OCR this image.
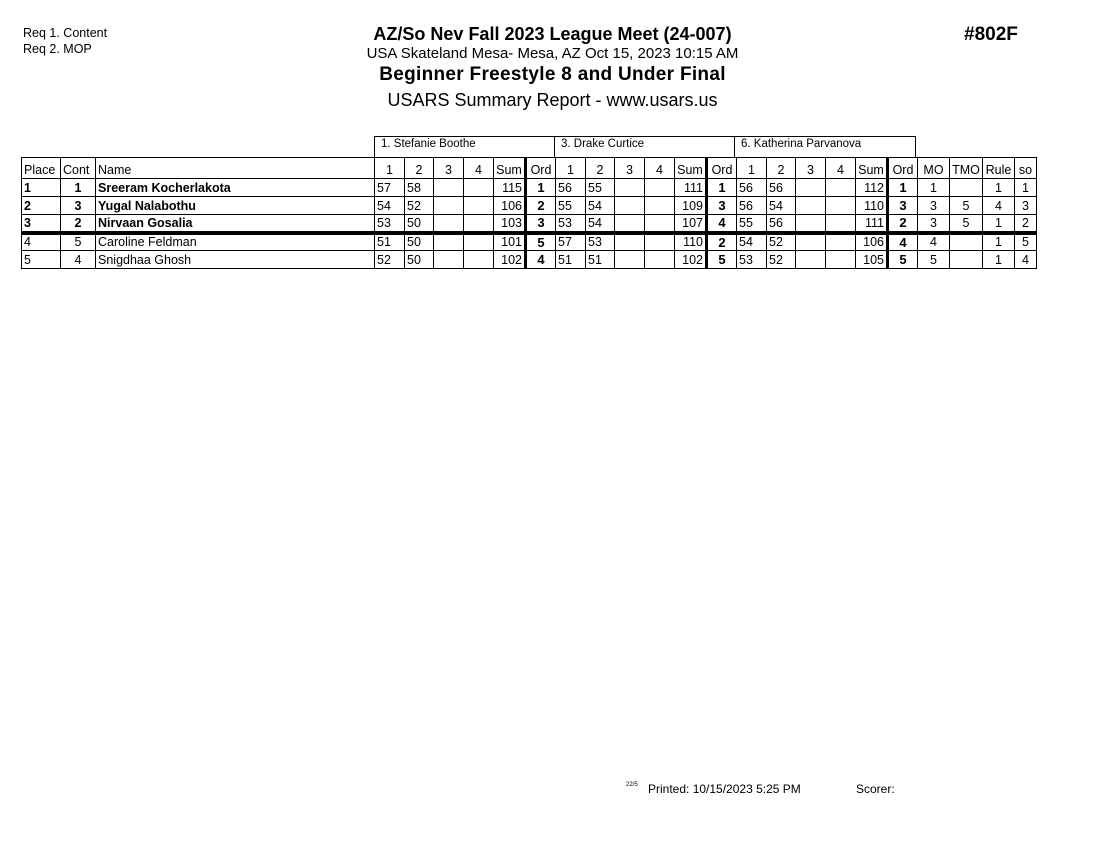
Req 1. Content
Req 2. MOP
AZ/So Nev Fall 2023 League Meet (24-007)
USA Skateland Mesa- Mesa, AZ Oct 15, 2023 10:15 AM
Beginner Freestyle 8 and Under Final
USARS Summary Report - www.usars.us
#802F
1. Stefanie Boothe	3. Drake Curtice	6. Katherina Parvanova
Place	Cont	Name	1	2	3	4	Sum	Ord	1	2	3	4	Sum	Ord	1	2	3	4	Sum	Ord	MO	TMO	Rule	so
1	1	Sreeram Kocherlakota	57	58			115	1	56	55			111	1	56	56			112	1	1		1	1
2	3	Yugal Nalabothu	54	52			106	2	55	54			109	3	56	54			110	3	3	5	4	3
3	2	Nirvaan Gosalia	53	50			103	3	53	54			107	4	55	56			111	2	3	5	1	2
4	5	Caroline Feldman	51	50			101	5	57	53			110	2	54	52			106	4	4		1	5
5	4	Snigdhaa Ghosh	52	50			102	4	51	51			102	5	53	52			105	5	5		1	4
22/5 Printed: 10/15/2023 5:25 PM	Scorer:
